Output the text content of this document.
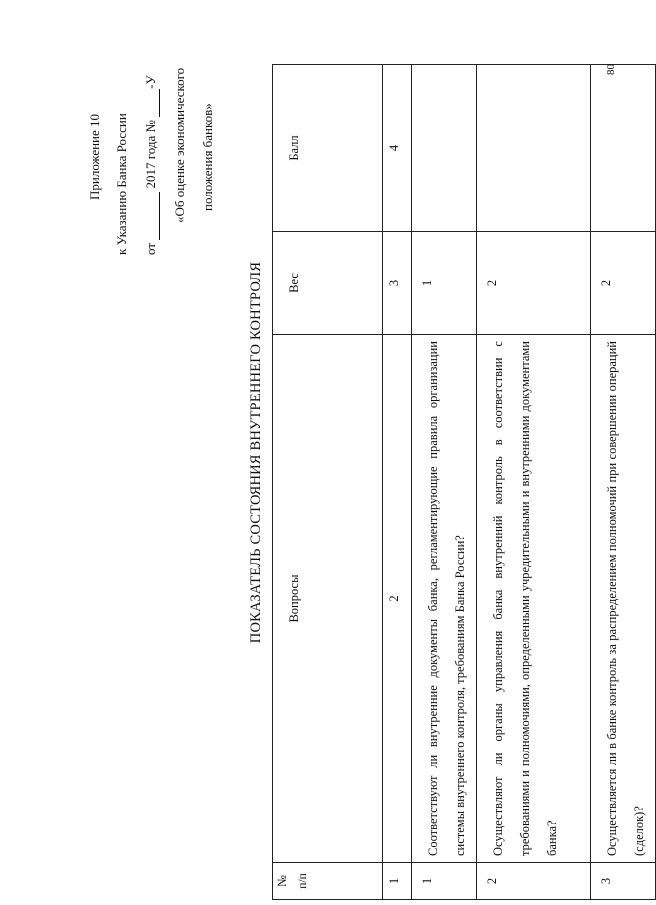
Приложение 10 к Указанию Банка России от   2017 года №  -У «Об оценке экономического положения банков»
ПОКАЗАТЕЛЬ СОСТОЯНИЯ ВНУТРЕННЕГО КОНТРОЛЯ
№ п/п	Вопросы	Вес	Балл
1	2	3	4
1	Соответствуют ли внутренние документы банка, регламентирующие правила организации системы внутреннего контроля, требованиям Банка России?	1	
2	Осуществляют ли органы управления банка внутренний контроль в соответствии с требованиями и полномочиями, определенными учредительными и внутренними документами банка?	2	
3	Осуществляется ли в банке контроль за распределением полномочий при совершении операций (сделок)?	2	
80
